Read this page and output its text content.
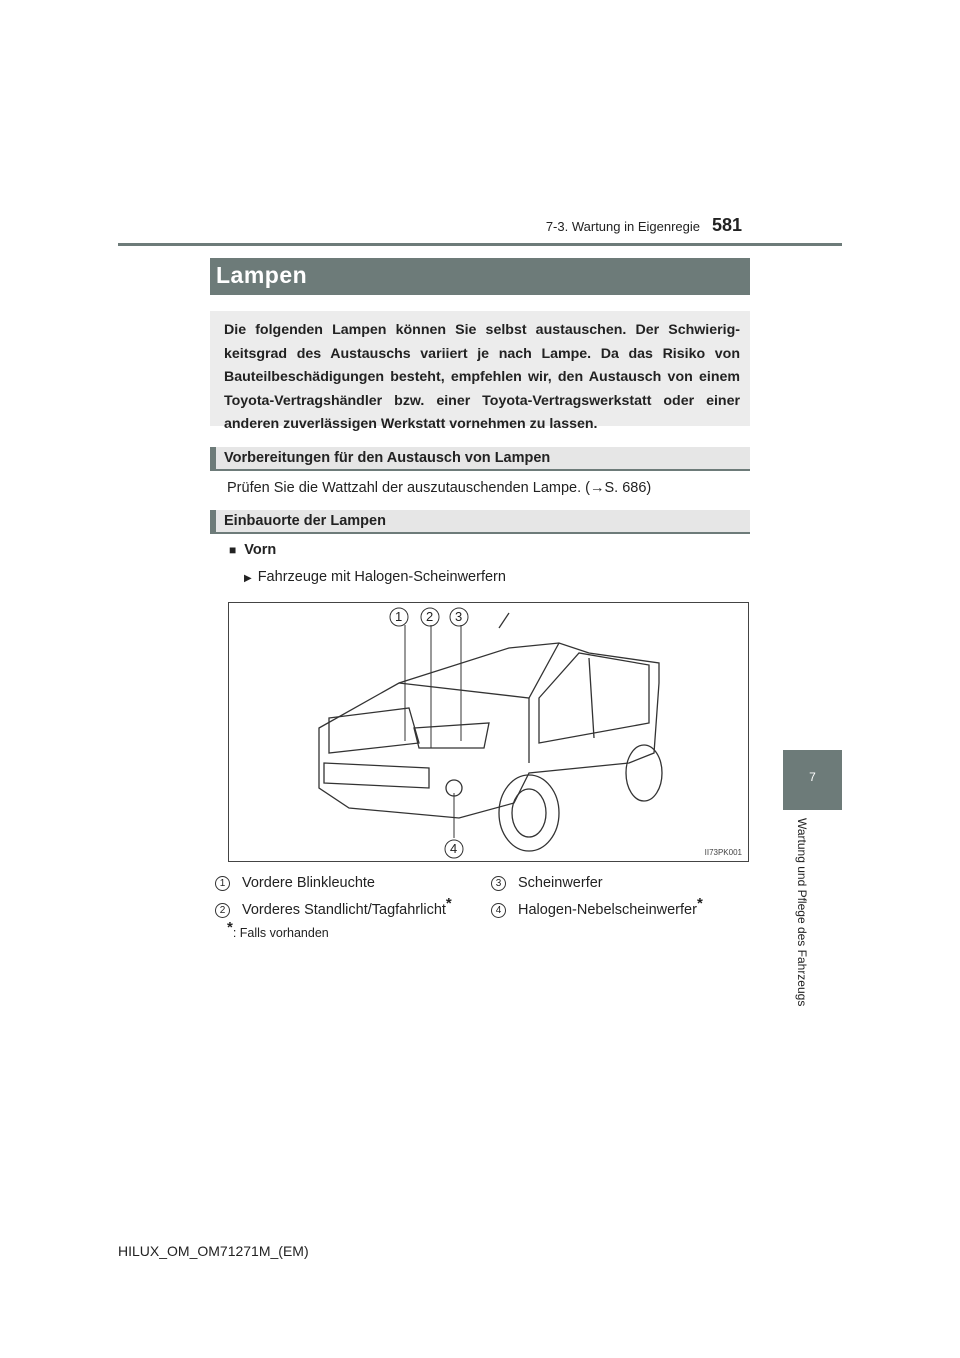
7-3. Wartung in Eigenregie 581
Lampen
Die folgenden Lampen können Sie selbst austauschen. Der Schwierigkeitsgrad des Austauschs variiert je nach Lampe. Da das Risiko von Bauteilbeschädigungen besteht, empfehlen wir, den Austausch von einem Toyota-Vertragshändler bzw. einer Toyota-Vertragswerkstatt oder einer anderen zuverlässigen Werkstatt vornehmen zu lassen.
Vorbereitungen für den Austausch von Lampen
Prüfen Sie die Wattzahl der auszutauschenden Lampe. (→S. 686)
Einbauorte der Lampen
■ Vorn
▶ Fahrzeuge mit Halogen-Scheinwerfern
1 2 3
4	II73PK001
1 Vordere Blinkleuchte
2 Vorderes Standlicht/Tagfahrlicht*
3 Scheinwerfer
4 Halogen-Nebelscheinwerfer*
*: Falls vorhanden
7
Wartung und Pflege des Fahrzeugs
HILUX_OM_OM71271M_(EM)
